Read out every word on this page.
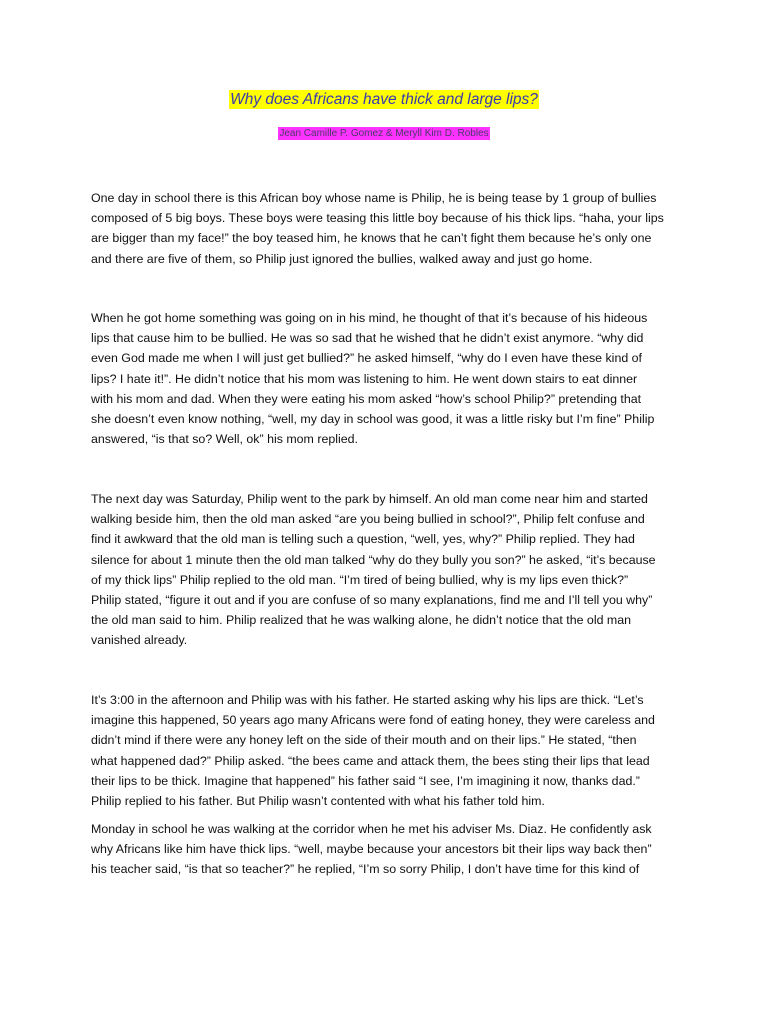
Why does Africans have thick and large lips?
Jean Camille P. Gomez & Meryll Kim D. Robles
One day in school there is this African boy whose name is Philip, he is being tease by 1 group of bullies
composed of 5 big boys. These boys were teasing this little boy because of his thick lips. “haha, your lips
are bigger than my face!” the boy teased him, he knows that he can’t fight them because he’s only one
and there are five of them, so Philip just ignored the bullies, walked away and just go home.
When he got home something was going on in his mind, he thought of that it’s because of his hideous
lips that cause him to be bullied. He was so sad that he wished that he didn’t exist anymore. “why did
even God made me when I will just get bullied?” he asked himself, “why do I even have these kind of
lips? I hate it!”. He didn’t notice that his mom was listening to him. He went down stairs to eat dinner
with his mom and dad. When they were eating his mom asked “how’s school Philip?” pretending that
she doesn’t even know nothing, “well, my day in school was good, it was a little risky but I’m fine” Philip
answered, “is that so? Well, ok” his mom replied.
The next day was Saturday, Philip went to the park by himself. An old man come near him and started
walking beside him, then the old man asked “are you being bullied in school?”, Philip felt confuse and
find it awkward that the old man is telling such a question, “well, yes, why?” Philip replied. They had
silence for about 1 minute then the old man talked “why do they bully you son?” he asked, “it’s because
of my thick lips” Philip replied to the old man. “I’m tired of being bullied, why is my lips even thick?”
Philip stated, “figure it out and if you are confuse of so many explanations, find me and I’ll tell you why”
the old man said to him. Philip realized that he was walking alone, he didn’t notice that the old man
vanished already.
It’s 3:00 in the afternoon and Philip was with his father. He started asking why his lips are thick. “Let’s
imagine this happened, 50 years ago many Africans were fond of eating honey, they were careless and
didn’t mind if there were any honey left on the side of their mouth and on their lips.” He stated, “then
what happened dad?” Philip asked. “the bees came and attack them, the bees sting their lips that lead
their lips to be thick. Imagine that happened” his father said “I see, I’m imagining it now, thanks dad.”
Philip replied to his father. But Philip wasn’t contented with what his father told him.
Monday in school he was walking at the corridor when he met his adviser Ms. Diaz. He confidently ask
why Africans like him have thick lips. “well, maybe because your ancestors bit their lips way back then”
his teacher said, “is that so teacher?” he replied, “I’m so sorry Philip, I don’t have time for this kind of
